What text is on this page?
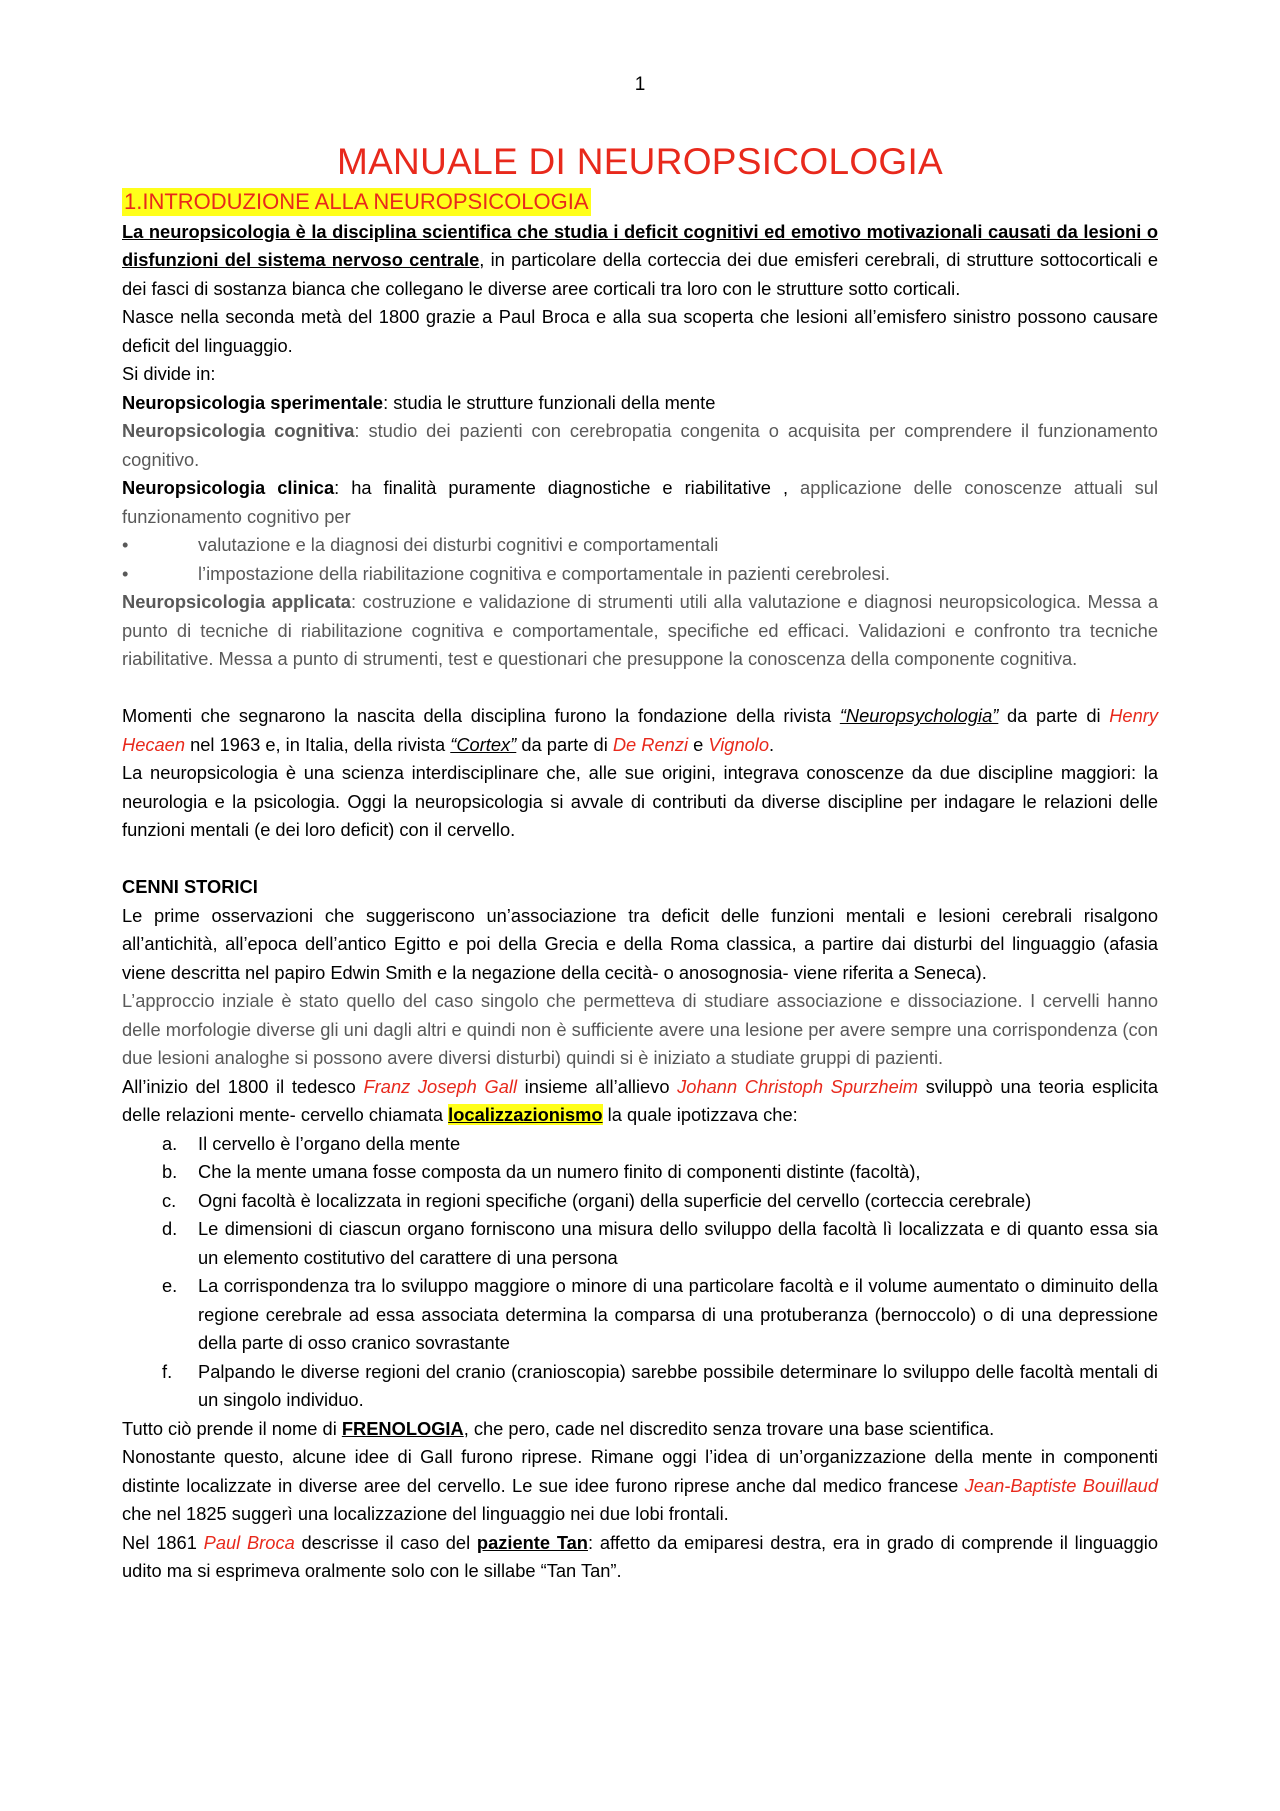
1
MANUALE DI NEUROPSICOLOGIA
1.INTRODUZIONE ALLA NEUROPSICOLOGIA

La neuropsicologia è la disciplina scientifica che studia i deficit cognitivi ed emotivo motivazionali causati da lesioni o disfunzioni del sistema nervoso centrale, in particolare della corteccia dei due emisferi cerebrali, di strutture sottocorticali e dei fasci di sostanza bianca che collegano le diverse aree corticali tra loro con le strutture sotto corticali.

Nasce nella seconda metà del 1800 grazie a Paul Broca e alla sua scoperta che lesioni all’emisfero sinistro possono causare deficit del linguaggio.

Si divide in:

Neuropsicologia sperimentale: studia le strutture funzionali della mente

Neuropsicologia cognitiva: studio dei pazienti con cerebropatia congenita o acquisita per comprendere il funzionamento cognitivo.

Neuropsicologia clinica: ha finalità puramente diagnostiche e riabilitative , applicazione delle conoscenze attuali sul funzionamento cognitivo per

•	valutazione e la diagnosi dei disturbi cognitivi e comportamentali
•	l’impostazione della riabilitazione cognitiva e comportamentale in pazienti cerebrolesi.

Neuropsicologia applicata: costruzione e validazione di strumenti utili alla valutazione e diagnosi neuropsicologica. Messa a punto di tecniche di riabilitazione cognitiva e comportamentale, specifiche ed efficaci. Validazioni e confronto tra tecniche riabilitative. Messa a punto di strumenti, test e questionari che presuppone la conoscenza della componente cognitiva.

Momenti che segnarono la nascita della disciplina furono la fondazione della rivista “Neuropsychologia” da parte di Henry Hecaen nel 1963 e, in Italia, della rivista “Cortex” da parte di De Renzi e Vignolo.

La neuropsicologia è una scienza interdisciplinare che, alle sue origini, integrava conoscenze da due discipline maggiori: la neurologia e la psicologia. Oggi la neuropsicologia si avvale di contributi da diverse discipline per indagare le relazioni delle funzioni mentali (e dei loro deficit) con il cervello.

CENNI STORICI

Le prime osservazioni che suggeriscono un’associazione tra deficit delle funzioni mentali e lesioni cerebrali risalgono all’antichità, all’epoca dell’antico Egitto e poi della Grecia e della Roma classica, a partire dai disturbi del linguaggio (afasia viene descritta nel papiro Edwin Smith e la negazione della cecità- o anosognosia- viene riferita a Seneca).

L’approccio inziale è stato quello del caso singolo che permetteva di studiare associazione e dissociazione. I cervelli hanno delle morfologie diverse gli uni dagli altri e quindi non è sufficiente avere una lesione per avere sempre una corrispondenza (con due lesioni analoghe si possono avere diversi disturbi) quindi si è iniziato a studiate gruppi di pazienti.

All’inizio del 1800 il tedesco Franz Joseph Gall insieme all’allievo Johann Christoph Spurzheim sviluppò una teoria esplicita delle relazioni mente- cervello chiamata localizzazionismo la quale ipotizzava che:

a.	Il cervello è l’organo della mente
b.	Che la mente umana fosse composta da un numero finito di componenti distinte (facoltà),
c.	Ogni facoltà è localizzata in regioni specifiche (organi) della superficie del cervello (corteccia cerebrale)
d.	Le dimensioni di ciascun organo forniscono una misura dello sviluppo della facoltà lì localizzata e di quanto essa sia un elemento costitutivo del carattere di una persona
e.	La corrispondenza tra lo sviluppo maggiore o minore di una particolare facoltà e il volume aumentato o diminuito della regione cerebrale ad essa associata determina la comparsa di una protuberanza (bernoccolo) o di una depressione della parte di osso cranico sovrastante
f.	Palpando le diverse regioni del cranio (cranioscopia) sarebbe possibile determinare lo sviluppo delle facoltà mentali di un singolo individuo.

Tutto ciò prende il nome di FRENOLOGIA, che pero, cade nel discredito senza trovare una base scientifica.

Nonostante questo, alcune idee di Gall furono riprese. Rimane oggi l’idea di un’organizzazione della mente in componenti distinte localizzate in diverse aree del cervello. Le sue idee furono riprese anche dal medico francese Jean-Baptiste Bouillaud che nel 1825 suggerì una localizzazione del linguaggio nei due lobi frontali.

Nel 1861 Paul Broca descrisse il caso del paziente Tan: affetto da emiparesi destra, era in grado di comprende il linguaggio udito ma si esprimeva oralmente solo con le sillabe “Tan Tan”.
